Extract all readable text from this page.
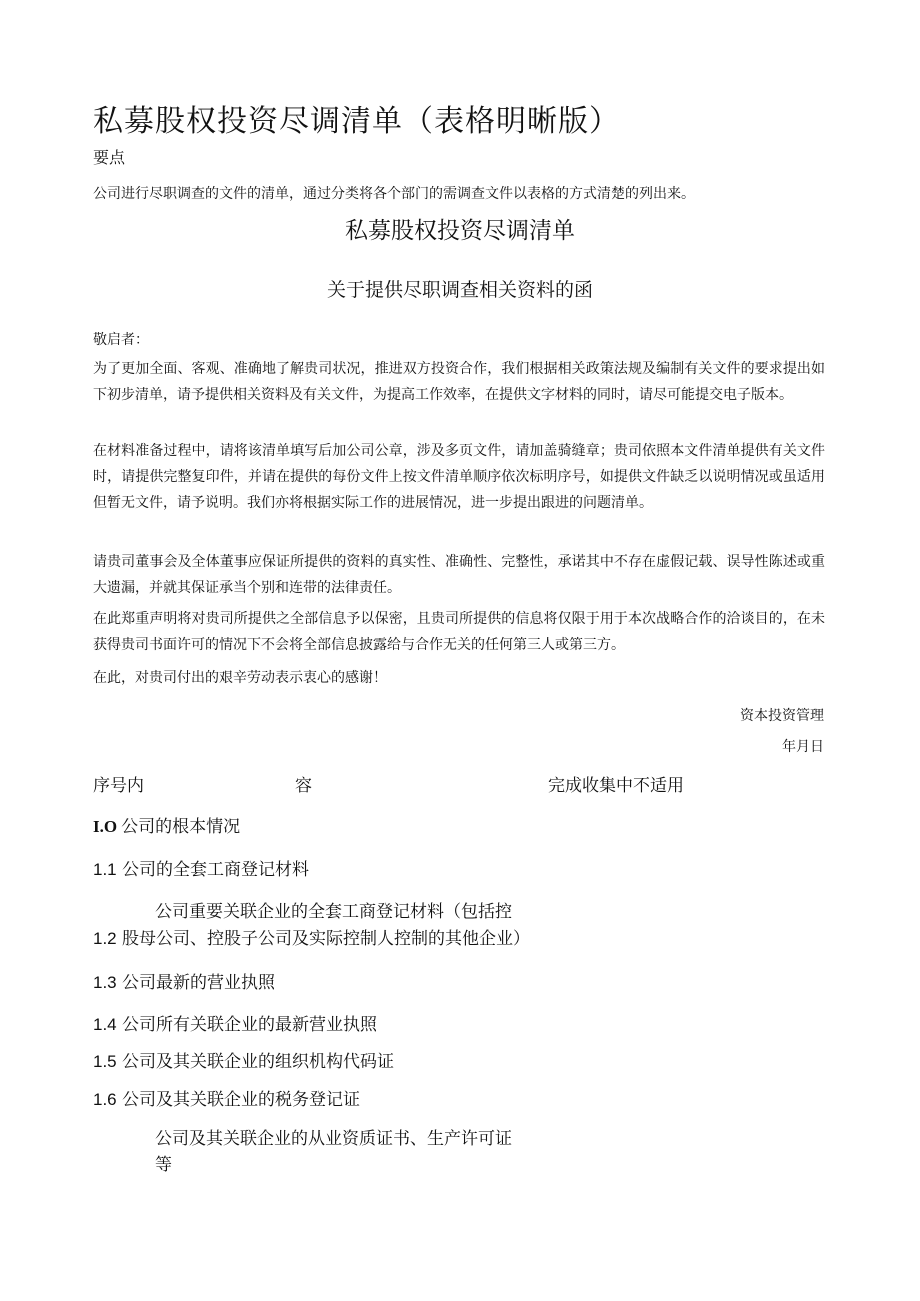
私募股权投资尽调清单（表格明晰版）
要点
公司进行尽职调查的文件的清单，通过分类将各个部门的需调查文件以表格的方式清楚的列出来。
私募股权投资尽调清单
关于提供尽职调查相关资料的函
敬启者：
为了更加全面、客观、准确地了解贵司状况，推进双方投资合作，我们根据相关政策法规及编制有关文件的要求提出如下初步清单，请予提供相关资料及有关文件，为提高工作效率，在提供文字材料的同时，请尽可能提交电子版本。
在材料准备过程中，请将该清单填写后加公司公章，涉及多页文件，请加盖骑缝章；贵司依照本文件清单提供有关文件时，请提供完整复印件，并请在提供的每份文件上按文件清单顺序依次标明序号，如提供文件缺乏以说明情况或虽适用但暂无文件，请予说明。我们亦将根据实际工作的进展情况，进一步提出跟进的问题清单。
请贵司董事会及全体董事应保证所提供的资料的真实性、准确性、完整性，承诺其中不存在虚假记载、误导性陈述或重大遗漏，并就其保证承当个别和连带的法律责任。
在此郑重声明将对贵司所提供之全部信息予以保密，且贵司所提供的信息将仅限于用于本次战略合作的洽谈目的，在未获得贵司书面许可的情况下不会将全部信息披露给与合作无关的任何第三人或第三方。
在此，对贵司付出的艰辛劳动表示衷心的感谢！
资本投资管理
年月日
序号内	容	完成收集中不适用
I.O 公司的根本情况
1.1 公司的全套工商登记材料
公司重要关联企业的全套工商登记材料（包括控
1.2 股母公司、控股子公司及实际控制人控制的其他企业）
1.3 公司最新的营业执照
1.4 公司所有关联企业的最新营业执照
1.5 公司及其关联企业的组织机构代码证
1.6 公司及其关联企业的税务登记证
公司及其关联企业的从业资质证书、生产许可证
等
